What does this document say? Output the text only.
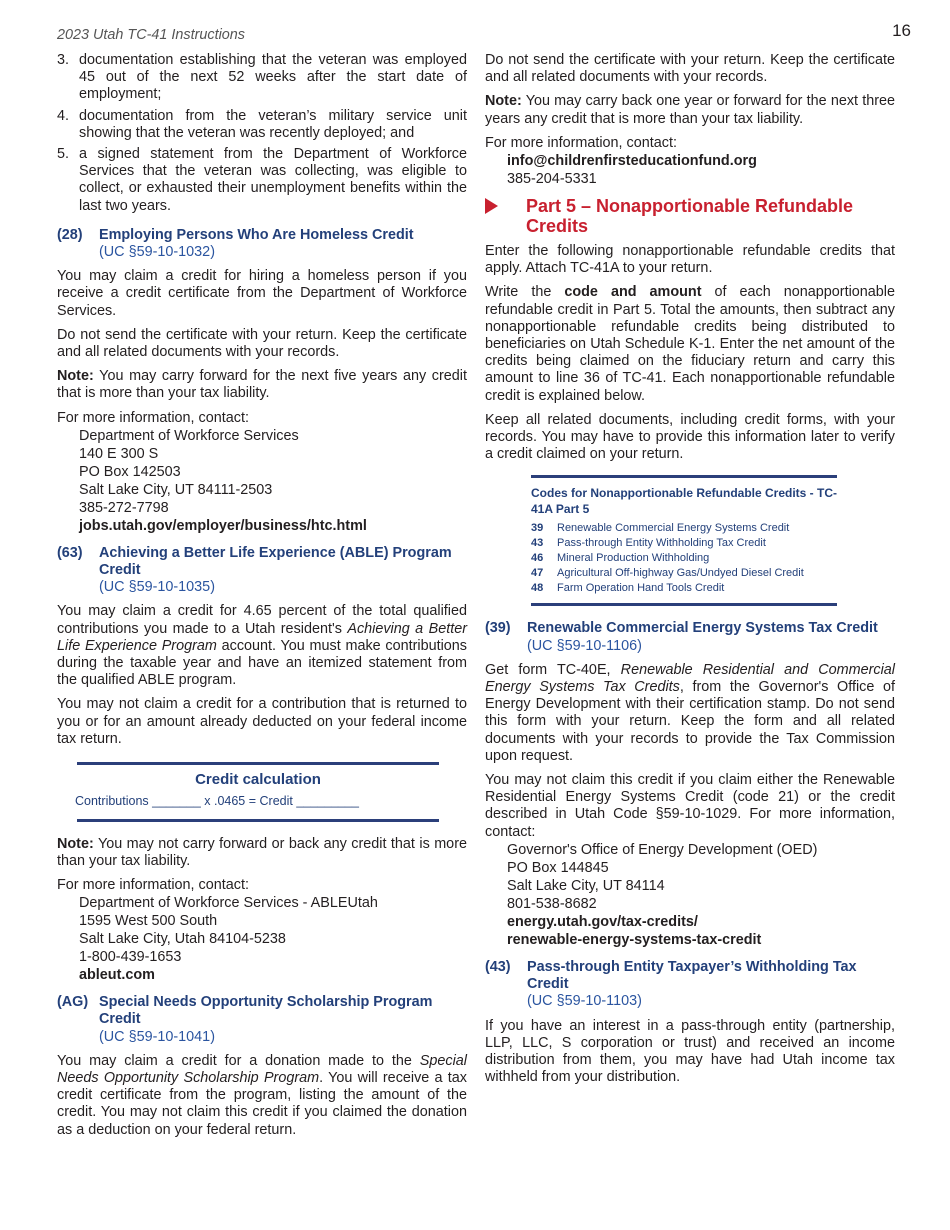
2023 Utah TC-41 Instructions	16
3. documentation establishing that the veteran was employed 45 out of the next 52 weeks after the start date of employment;
4. documentation from the veteran’s military service unit showing that the veteran was recently deployed; and
5. a signed statement from the Department of Workforce Services that the veteran was collecting, was eligible to collect, or exhausted their unemployment benefits within the last two years.
(28) Employing Persons Who Are Homeless Credit
(UC §59-10-1032)

You may claim a credit for hiring a homeless person if you receive a credit certificate from the Department of Workforce Services.

Do not send the certificate with your return. Keep the certificate and all related documents with your records.

Note: You may carry forward for the next five years any credit that is more than your tax liability.

For more information, contact:

Department of Workforce Services
140 E 300 S
PO Box 142503
Salt Lake City, UT 84111-2503
385-272-7798
jobs.utah.gov/employer/business/htc.html
(63) Achieving a Better Life Experience (ABLE) Program Credit
(UC §59-10-1035)

You may claim a credit for 4.65 percent of the total qualified contributions you made to a Utah resident's Achieving a Better Life Experience Program account. You must make contributions during the taxable year and have an itemized statement from the qualified ABLE program.

You may not claim a credit for a contribution that is returned to you or for an amount already deducted on your federal income tax return.

Credit calculation
Contributions _______ x .0465 = Credit _________

Note: You may not carry forward or back any credit that is more than your tax liability.

For more information, contact:

Department of Workforce Services - ABLEUtah
1595 West 500 South
Salt Lake City, Utah 84104-5238
1-800-439-1653
ableut.com
(AG) Special Needs Opportunity Scholarship Program Credit
(UC §59-10-1041)

You may claim a credit for a donation made to the Special Needs Opportunity Scholarship Program. You will receive a tax credit certificate from the program, listing the amount of the credit. You may not claim this credit if you claimed the donation as a deduction on your federal return.

Do not send the certificate with your return. Keep the certificate and all related documents with your records.

Note: You may carry back one year or forward for the next three years any credit that is more than your tax liability.

For more information, contact:

info@childrenfirsteducationfund.org
385-204-5331
Part 5 – Nonapportionable Refundable Credits

Enter the following nonapportionable refundable credits that apply. Attach TC-41A to your return.

Write the code and amount of each nonapportionable refundable credit in Part 5. Total the amounts, then subtract any nonapportionable refundable credits being distributed to beneficiaries on Utah Schedule K-1. Enter the net amount of the credits being claimed on the fiduciary return and carry this amount to line 36 of TC-41. Each nonapportionable refundable credit is explained below.

Keep all related documents, including credit forms, with your records. You may have to provide this information later to verify a credit claimed on your return.

Codes for Nonapportionable Refundable Credits - TC-41A Part 5
39 Renewable Commercial Energy Systems Credit
43 Pass-through Entity Withholding Tax Credit
46 Mineral Production Withholding
47 Agricultural Off-highway Gas/Undyed Diesel Credit
48 Farm Operation Hand Tools Credit
(39) Renewable Commercial Energy Systems Tax Credit
(UC §59-10-1106)

Get form TC-40E, Renewable Residential and Commercial Energy Systems Tax Credits, from the Governor's Office of Energy Development with their certification stamp. Do not send this form with your return. Keep the form and all related documents with your records to provide the Tax Commission upon request.

You may not claim this credit if you claim either the Renewable Residential Energy Systems Credit (code 21) or the credit described in Utah Code §59-10-1029. For more information, contact:

Governor's Office of Energy Development (OED)
PO Box 144845
Salt Lake City, UT 84114
801-538-8682
energy.utah.gov/tax-credits/
renewable-energy-systems-tax-credit
(43) Pass-through Entity Taxpayer’s Withholding Tax Credit
(UC §59-10-1103)

If you have an interest in a pass-through entity (partnership, LLP, LLC, S corporation or trust) and received an income distribution from them, you may have had Utah income tax withheld from your distribution.
